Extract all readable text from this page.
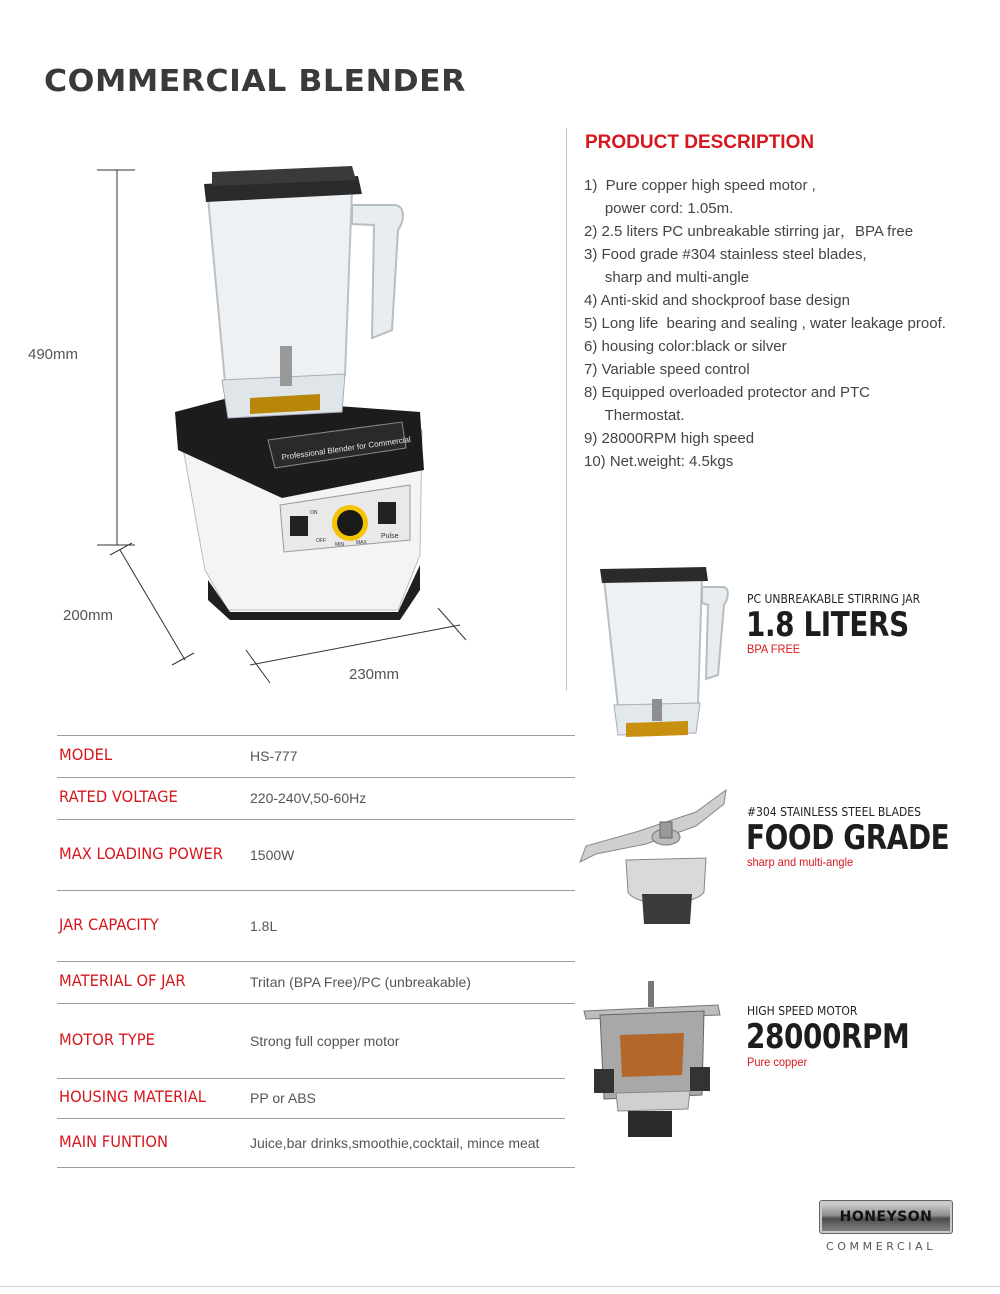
COMMERCIAL BLENDER
Professional Blender for Commercial
ON
OFF
MIN MAX
Pulse
490mm
200mm
230mm
PRODUCT DESCRIPTION
1)  Pure copper high speed motor ,
power cord: 1.05m.
2) 2.5 liters PC unbreakable stirring jar，BPA free
3) Food grade #304 stainless steel blades,
sharp and multi-angle
4) Anti-skid and shockproof base design
5) Long life  bearing and sealing , water leakage proof.
6) housing color:black or silver
7) Variable speed control
8) Equipped overloaded protector and PTC
Thermostat.
9) 28000RPM high speed
10) Net.weight: 4.5kgs
MODEL	HS-777
RATED VOLTAGE	220-240V,50-60Hz
MAX LOADING POWER 1500W
JAR CAPACITY	1.8L
MATERIAL OF JAR	Tritan (BPA Free)/PC (unbreakable)
MOTOR TYPE	Strong full copper motor
HOUSING MATERIAL	PP or ABS
MAIN FUNTION	Juice,bar drinks,smoothie,cocktail, mince meat
PC UNBREAKABLE STIRRING JAR
1.8 LITERS
BPA FREE
#304 STAINLESS STEEL BLADES
FOOD GRADE
sharp and multi-angle
HIGH SPEED MOTOR
28000RPM
Pure copper
HONEYSON
COMMERCIAL
